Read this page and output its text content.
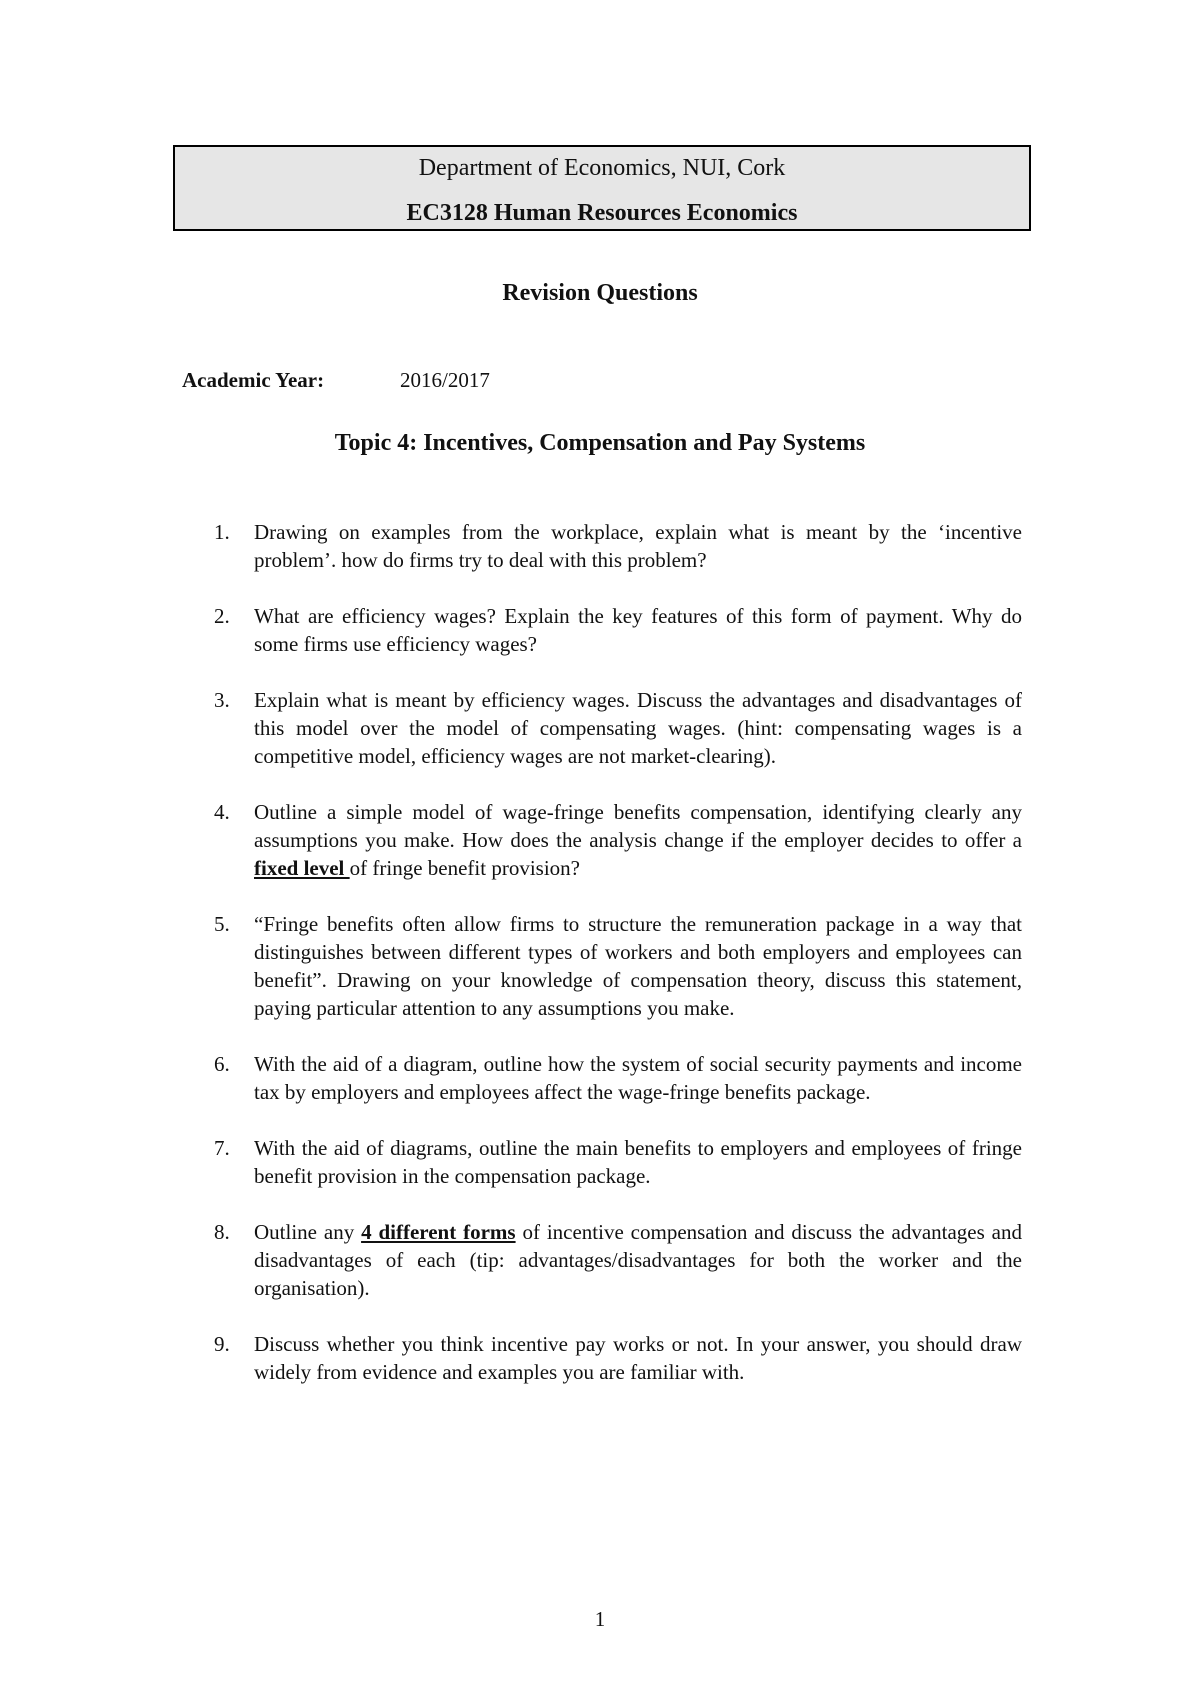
Department of Economics, NUI, Cork
EC3128 Human Resources Economics
Revision Questions
Academic Year:	2016/2017
Topic 4: Incentives, Compensation and Pay Systems
1. Drawing on examples from the workplace, explain what is meant by the ‘incentive problem’. how do firms try to deal with this problem?
2. What are efficiency wages? Explain the key features of this form of payment. Why do some firms use efficiency wages?
3. Explain what is meant by efficiency wages. Discuss the advantages and disadvantages of this model over the model of compensating wages. (hint: compensating wages is a competitive model, efficiency wages are not market-clearing).
4. Outline a simple model of wage-fringe benefits compensation, identifying clearly any assumptions you make. How does the analysis change if the employer decides to offer a fixed level of fringe benefit provision?
5. “Fringe benefits often allow firms to structure the remuneration package in a way that distinguishes between different types of workers and both employers and employees can benefit”. Drawing on your knowledge of compensation theory, discuss this statement, paying particular attention to any assumptions you make.
6. With the aid of a diagram, outline how the system of social security payments and income tax by employers and employees affect the wage-fringe benefits package.
7. With the aid of diagrams, outline the main benefits to employers and employees of fringe benefit provision in the compensation package.
8. Outline any 4 different forms of incentive compensation and discuss the advantages and disadvantages of each (tip: advantages/disadvantages for both the worker and the organisation).
9. Discuss whether you think incentive pay works or not. In your answer, you should draw widely from evidence and examples you are familiar with.
1
